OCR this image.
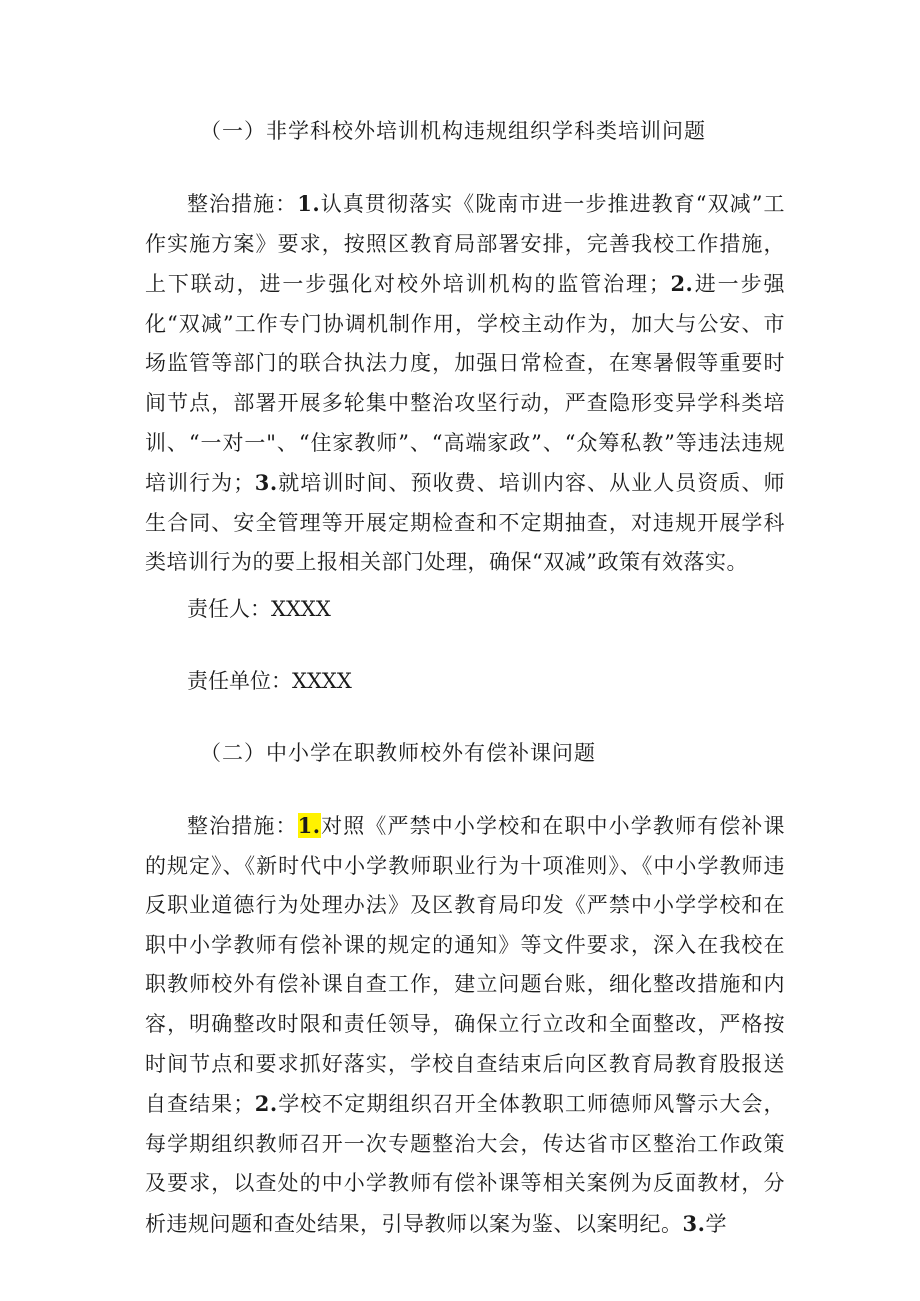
（一）非学科校外培训机构违规组织学科类培训问题
整治措施：1.认真贯彻落实《陇南市进一步推进教育“双减”工作实施方案》要求，按照区教育局部署安排，完善我校工作措施，上下联动，进一步强化对校外培训机构的监管治理；2.进一步强化“双减”工作专门协调机制作用，学校主动作为，加大与公安、市场监管等部门的联合执法力度，加强日常检查，在寒暑假等重要时间节点，部署开展多轮集中整治攻坚行动，严查隐形变异学科类培训、“一对一"、“住家教师”、“高端家政”、“众筹私教”等违法违规培训行为；3.就培训时间、预收费、培训内容、从业人员资质、师生合同、安全管理等开展定期检查和不定期抽查，对违规开展学科类培训行为的要上报相关部门处理，确保“双减”政策有效落实。
责任人：XXXX
责任单位：XXXX
（二）中小学在职教师校外有偿补课问题
整治措施：1.对照《严禁中小学校和在职中小学教师有偿补课的规定》、《新时代中小学教师职业行为十项准则》、《中小学教师违反职业道德行为处理办法》及区教育局印发《严禁中小学学校和在职中小学教师有偿补课的规定的通知》等文件要求，深入在我校在职教师校外有偿补课自查工作，建立问题台账，细化整改措施和内容，明确整改时限和责任领导，确保立行立改和全面整改，严格按时间节点和要求抓好落实，学校自查结束后向区教育局教育股报送自查结果；2.学校不定期组织召开全体教职工师德师风警示大会，每学期组织教师召开一次专题整治大会，传达省市区整治工作政策及要求，以查处的中小学教师有偿补课等相关案例为反面教材，分析违规问题和查处结果，引导教师以案为鉴、以案明纪。3.学
